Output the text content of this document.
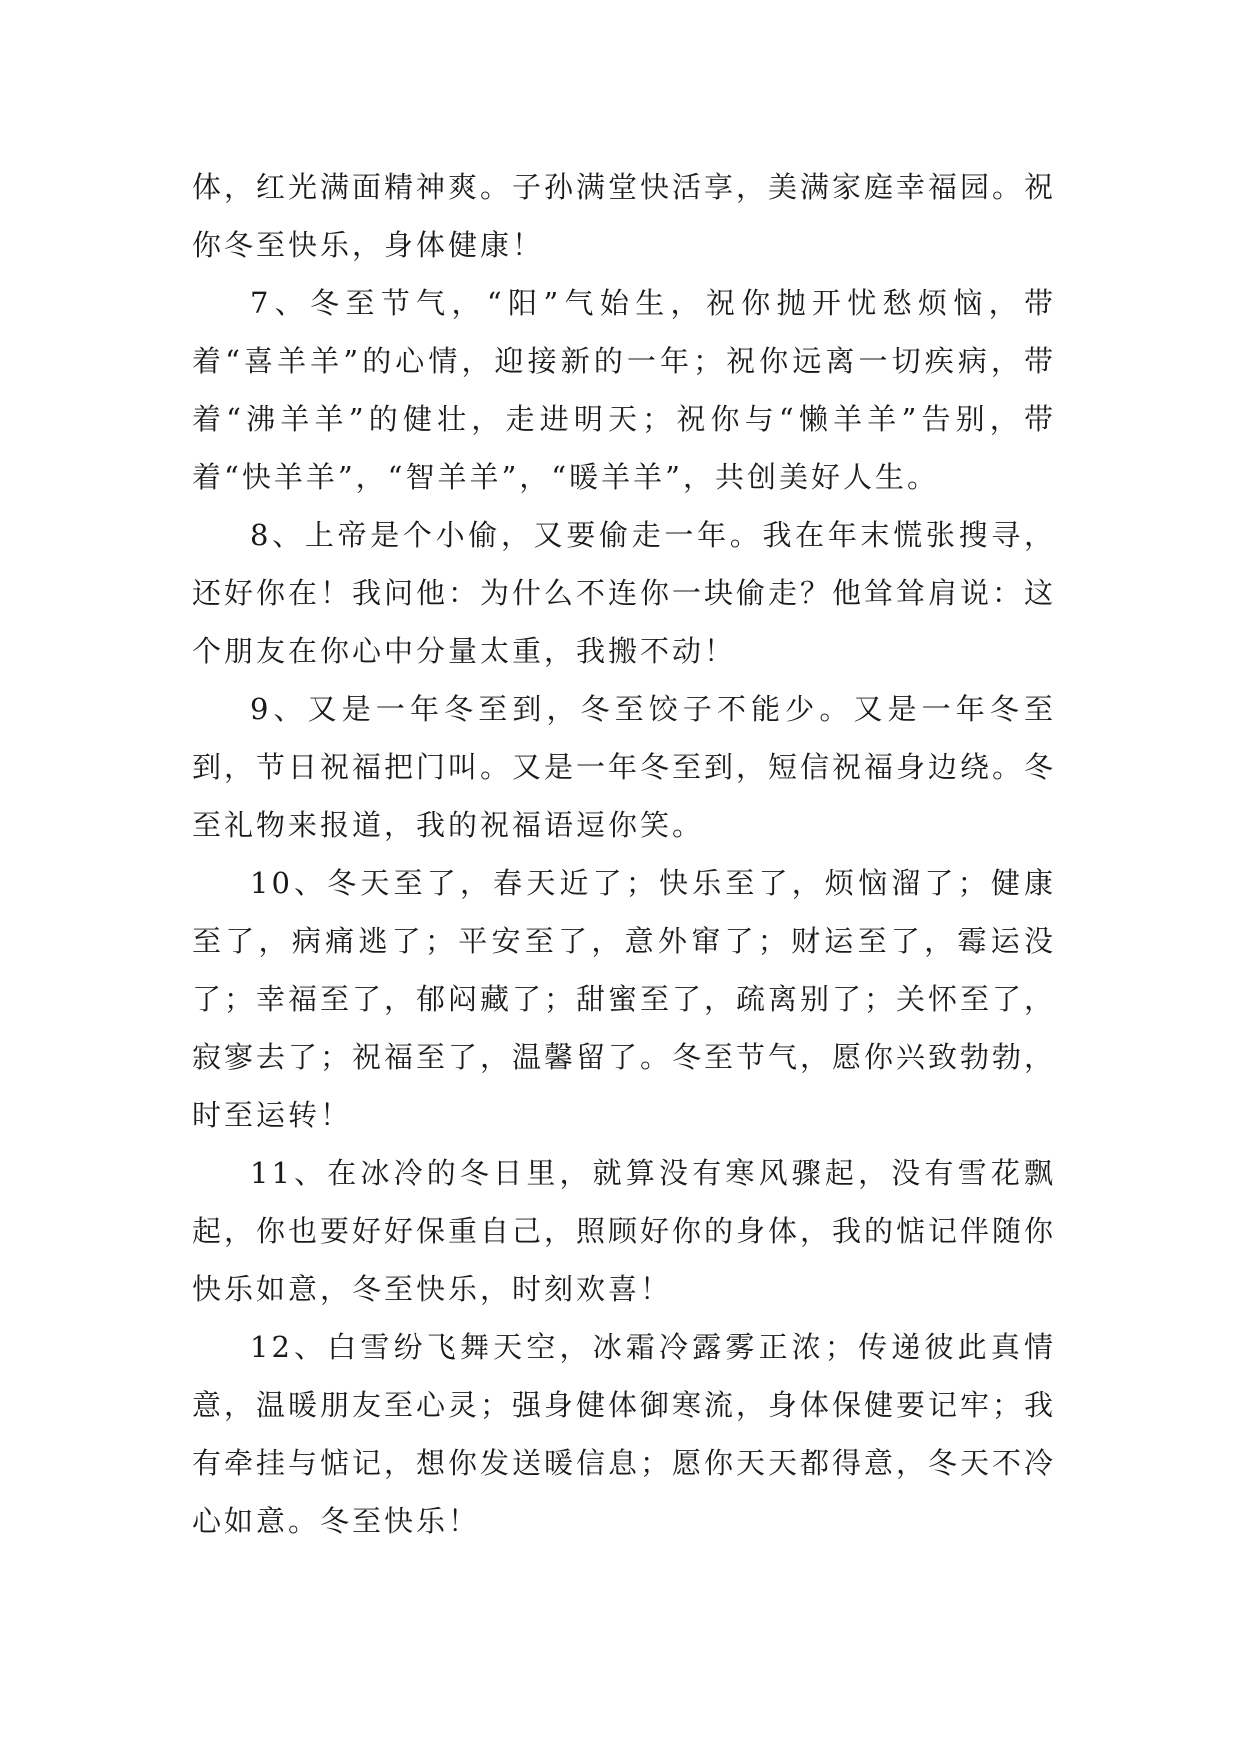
体，红光满面精神爽。子孙满堂快活享，美满家庭幸福园。祝你冬至快乐，身体健康！

7、冬至节气，“阳”气始生，祝你抛开忧愁烦恼，带着“喜羊羊”的心情，迎接新的一年；祝你远离一切疾病，带着“沸羊羊”的健壮，走进明天；祝你与“懒羊羊”告别，带着“快羊羊”，“智羊羊”，“暖羊羊”，共创美好人生。

8、上帝是个小偷，又要偷走一年。我在年末慌张搜寻，还好你在！我问他：为什么不连你一块偷走？他耸耸肩说：这个朋友在你心中分量太重，我搬不动！

9、又是一年冬至到，冬至饺子不能少。又是一年冬至到，节日祝福把门叫。又是一年冬至到，短信祝福身边绕。冬至礼物来报道，我的祝福语逗你笑。

10、冬天至了，春天近了；快乐至了，烦恼溜了；健康至了，病痛逃了；平安至了，意外窜了；财运至了，霉运没了；幸福至了，郁闷藏了；甜蜜至了，疏离别了；关怀至了，寂寥去了；祝福至了，温馨留了。冬至节气，愿你兴致勃勃，时至运转！

11、在冰冷的冬日里，就算没有寒风骤起，没有雪花飘起，你也要好好保重自己，照顾好你的身体，我的惦记伴随你快乐如意，冬至快乐，时刻欢喜！

12、白雪纷飞舞天空，冰霜冷露雾正浓；传递彼此真情意，温暖朋友至心灵；强身健体御寒流，身体保健要记牢；我有牵挂与惦记，想你发送暖信息；愿你天天都得意，冬天不冷心如意。冬至快乐！
